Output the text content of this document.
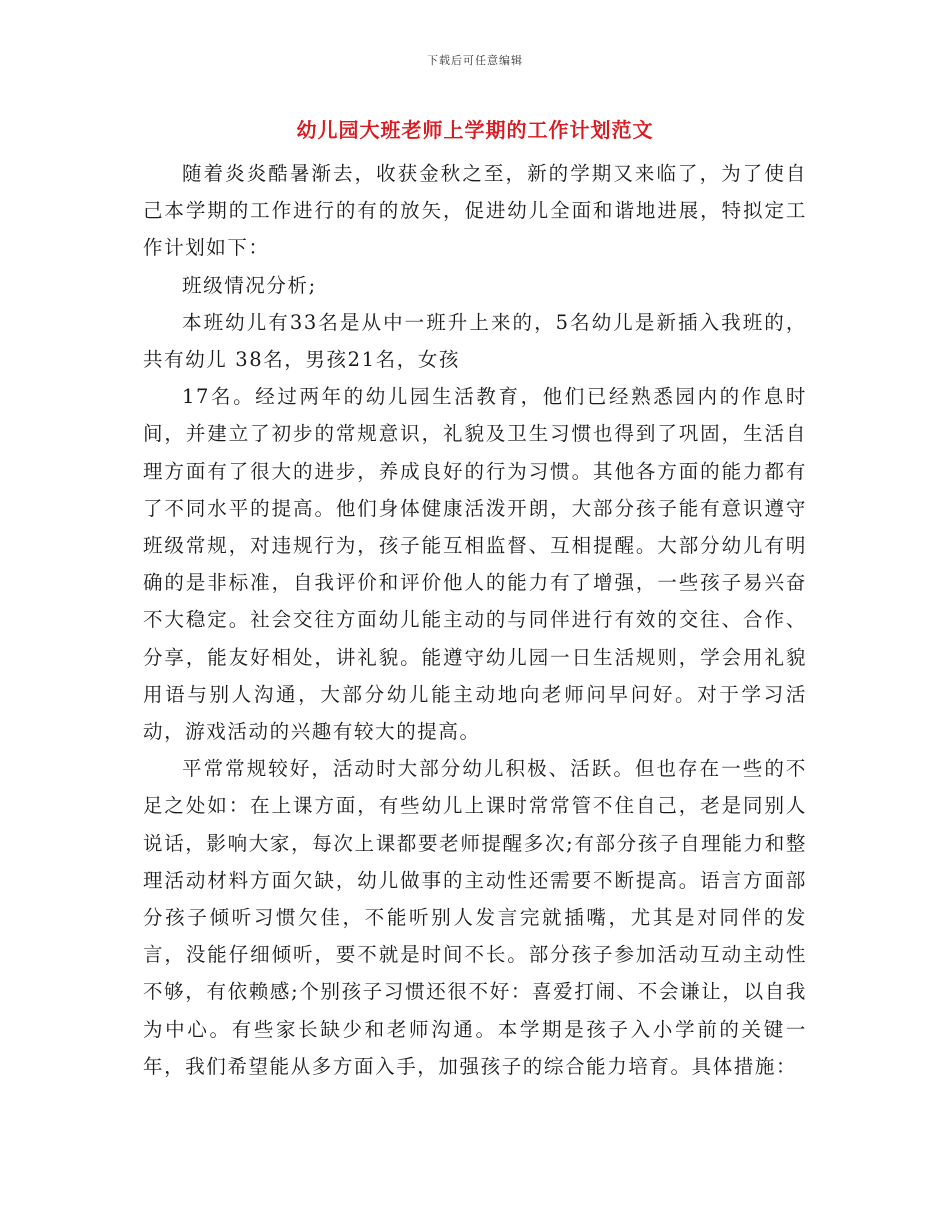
下载后可任意编辑
幼儿园大班老师上学期的工作计划范文

随着炎炎酷暑渐去，收获金秋之至，新的学期又来临了，为了使自己本学期的工作进行的有的放矢，促进幼儿全面和谐地进展，特拟定工作计划如下：

班级情况分析;

本班幼儿有33名是从中一班升上来的，5名幼儿是新插入我班的，共有幼儿 38名，男孩21名，女孩

17名。经过两年的幼儿园生活教育，他们已经熟悉园内的作息时间，并建立了初步的常规意识，礼貌及卫生习惯也得到了巩固，生活自理方面有了很大的进步，养成良好的行为习惯。其他各方面的能力都有了不同水平的提高。他们身体健康活泼开朗，大部分孩子能有意识遵守班级常规，对违规行为，孩子能互相监督、互相提醒。大部分幼儿有明确的是非标准，自我评价和评价他人的能力有了增强，一些孩子易兴奋不大稳定。社会交往方面幼儿能主动的与同伴进行有效的交往、合作、分享，能友好相处，讲礼貌。能遵守幼儿园一日生活规则，学会用礼貌用语与别人沟通，大部分幼儿能主动地向老师问早问好。对于学习活动，游戏活动的兴趣有较大的提高。

平常常规较好，活动时大部分幼儿积极、活跃。但也存在一些的不足之处如：在上课方面，有些幼儿上课时常常管不住自己，老是同别人说话，影响大家，每次上课都要老师提醒多次;有部分孩子自理能力和整理活动材料方面欠缺，幼儿做事的主动性还需要不断提高。语言方面部分孩子倾听习惯欠佳，不能听别人发言完就插嘴，尤其是对同伴的发言，没能仔细倾听，要不就是时间不长。部分孩子参加活动互动主动性不够，有依赖感;个别孩子习惯还很不好：喜爱打闹、不会谦让，以自我为中心。有些家长缺少和老师沟通。本学期是孩子入小学前的关键一年，我们希望能从多方面入手，加强孩子的综合能力培育。具体措施：
